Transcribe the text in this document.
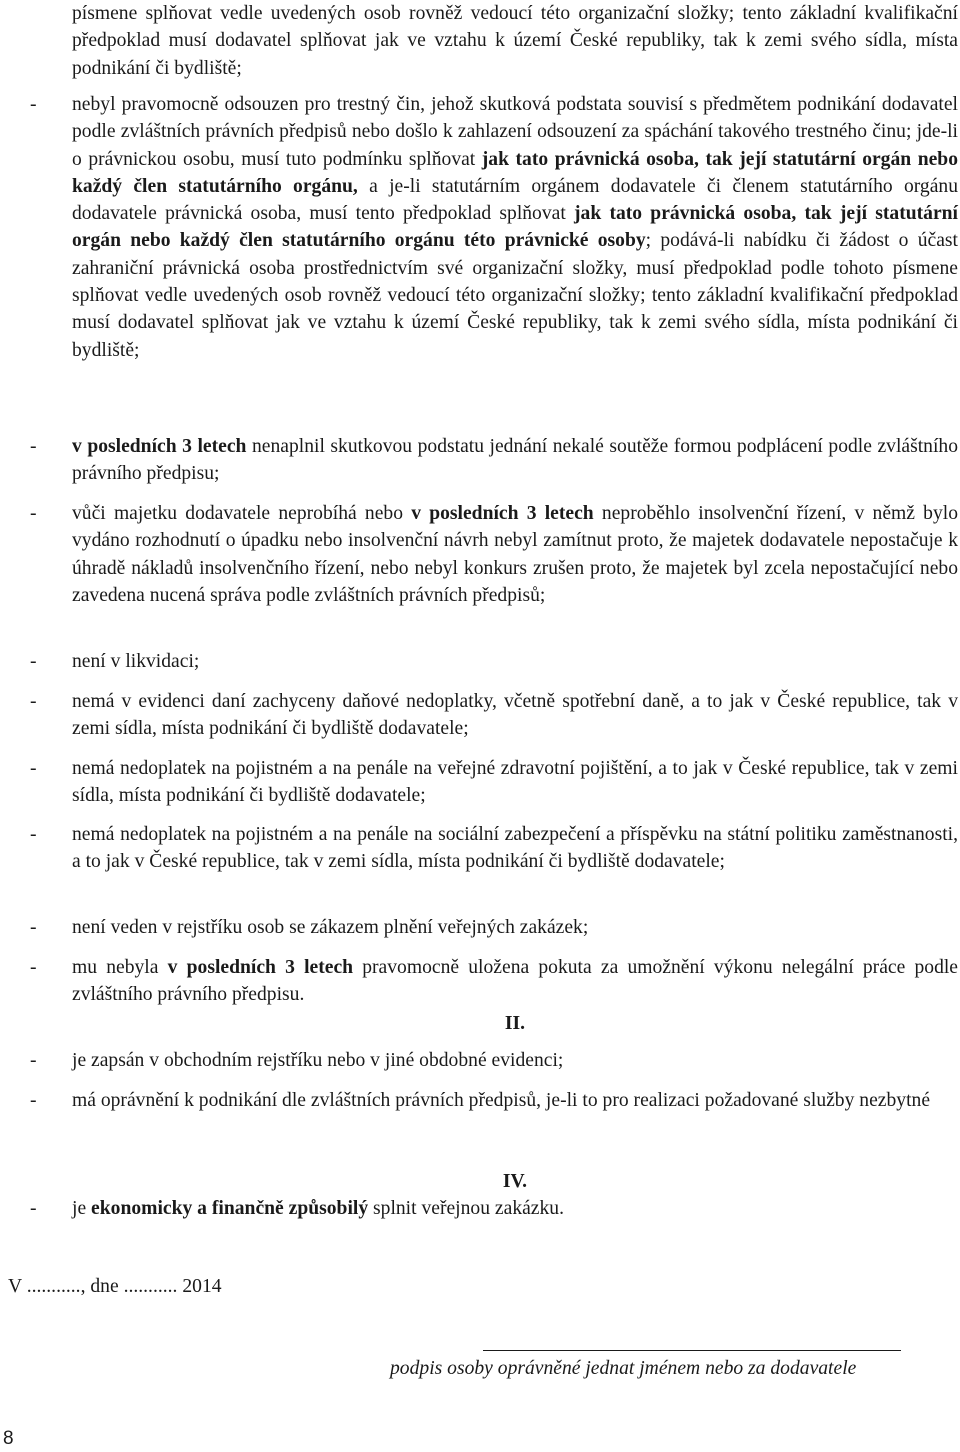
písmene splňovat vedle uvedených osob rovněž vedoucí této organizační složky; tento základní kvalifikační předpoklad musí dodavatel splňovat jak ve vztahu k území České republiky, tak k zemi svého sídla, místa podnikání či bydliště;
- nebyl pravomocně odsouzen pro trestný čin, jehož skutková podstata souvisí s předmětem podnikání dodavatel podle zvláštních právních předpisů nebo došlo k zahlazení odsouzení za spáchání takového trestného činu; jde-li o právnickou osobu, musí tuto podmínku splňovat jak tato právnická osoba, tak její statutární orgán nebo každý člen statutárního orgánu, a je-li statutárním orgánem dodavatele či členem statutárního orgánu dodavatele právnická osoba, musí tento předpoklad splňovat jak tato právnická osoba, tak její statutární orgán nebo každý člen statutárního orgánu této právnické osoby; podává-li nabídku či žádost o účast zahraniční právnická osoba prostřednictvím své organizační složky, musí předpoklad podle tohoto písmene splňovat vedle uvedených osob rovněž vedoucí této organizační složky; tento základní kvalifikační předpoklad musí dodavatel splňovat jak ve vztahu k území České republiky, tak k zemi svého sídla, místa podnikání či bydliště;
- v posledních 3 letech nenaplnil skutkovou podstatu jednání nekalé soutěže formou podplácení podle zvláštního právního předpisu;
- vůči majetku dodavatele neprobíhá nebo v posledních 3 letech neproběhlo insolvenční řízení, v němž bylo vydáno rozhodnutí o úpadku nebo insolvenční návrh nebyl zamítnut proto, že majetek dodavatele nepostačuje k úhradě nákladů insolvenčního řízení, nebo nebyl konkurs zrušen proto, že majetek byl zcela nepostačující nebo zavedena nucená správa podle zvláštních právních předpisů;
- není v likvidaci;
- nemá v evidenci daní zachyceny daňové nedoplatky, včetně spotřební daně, a to jak v České republice, tak v zemi sídla, místa podnikání či bydliště dodavatele;
- nemá nedoplatek na pojistném a na penále na veřejné zdravotní pojištění, a to jak v České republice, tak v zemi sídla, místa podnikání či bydliště dodavatele;
- nemá nedoplatek na pojistném a na penále na sociální zabezpečení a příspěvku na státní politiku zaměstnanosti, a to jak v České republice, tak v zemi sídla, místa podnikání či bydliště dodavatele;
- není veden v rejstříku osob se zákazem plnění veřejných zakázek;
- mu nebyla v posledních 3 letech pravomocně uložena pokuta za umožnění výkonu nelegální práce podle zvláštního právního předpisu.
II.
- je zapsán v obchodním rejstříku nebo v jiné obdobné evidenci;
- má oprávnění k podnikání dle zvláštních právních předpisů, je-li to pro realizaci požadované služby nezbytné
IV.
- je ekonomicky a finančně způsobilý splnit veřejnou zakázku.
V ..........., dne ........... 2014
podpis osoby oprávněné jednat jménem nebo za dodavatele
8
